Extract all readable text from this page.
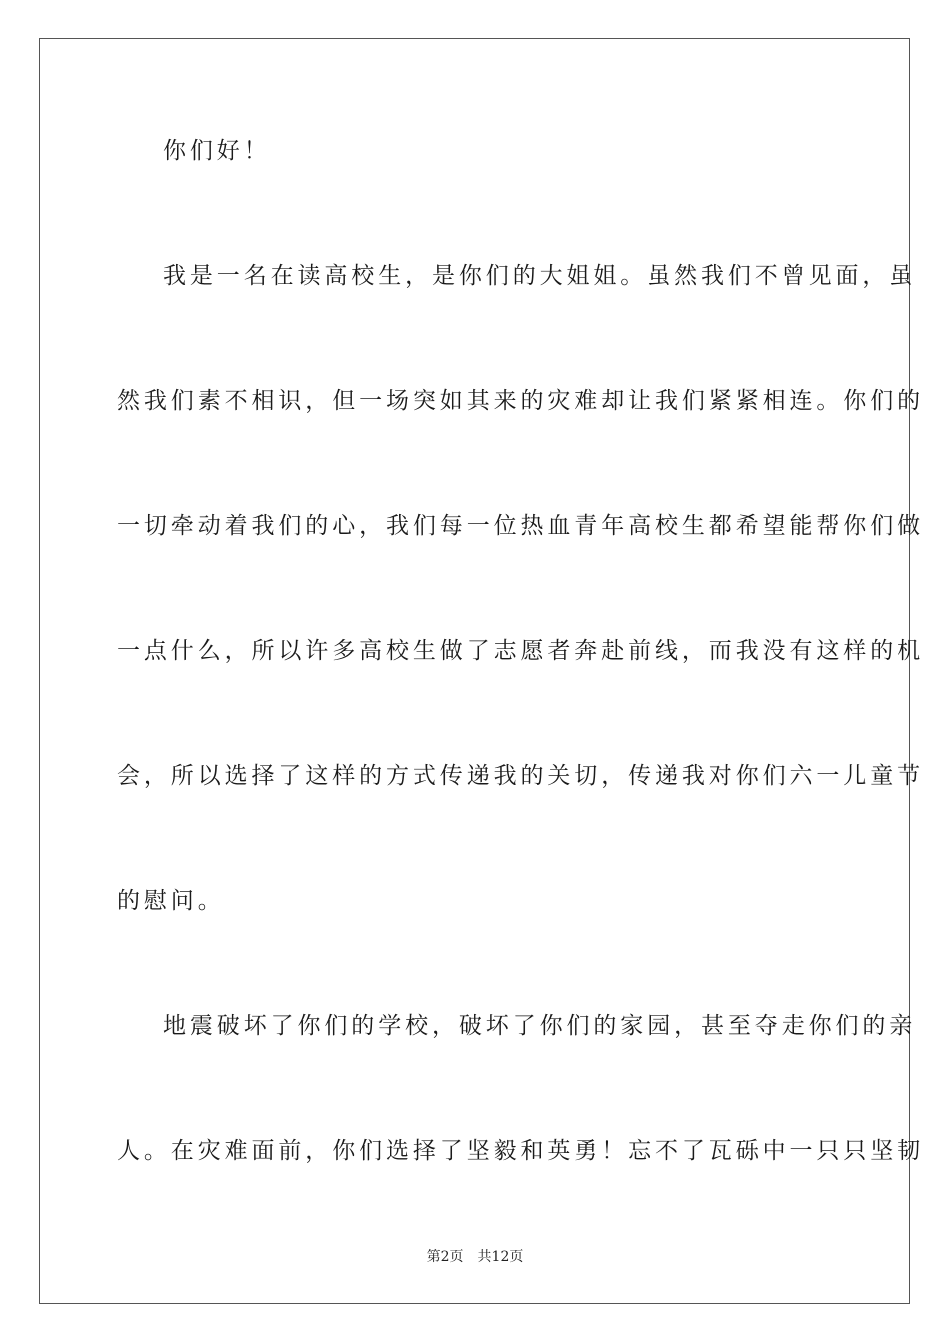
你们好！
我是一名在读高校生，是你们的大姐姐。虽然我们不曾见面，虽
然我们素不相识，但一场突如其来的灾难却让我们紧紧相连。你们的
一切牵动着我们的心，我们每一位热血青年高校生都希望能帮你们做
一点什么，所以许多高校生做了志愿者奔赴前线，而我没有这样的机
会，所以选择了这样的方式传递我的关切，传递我对你们六一儿童节
的慰问。
地震破坏了你们的学校，破坏了你们的家园，甚至夺走你们的亲
人。在灾难面前，你们选择了坚毅和英勇！忘不了瓦砾中一只只坚韧
第2页 共12页
